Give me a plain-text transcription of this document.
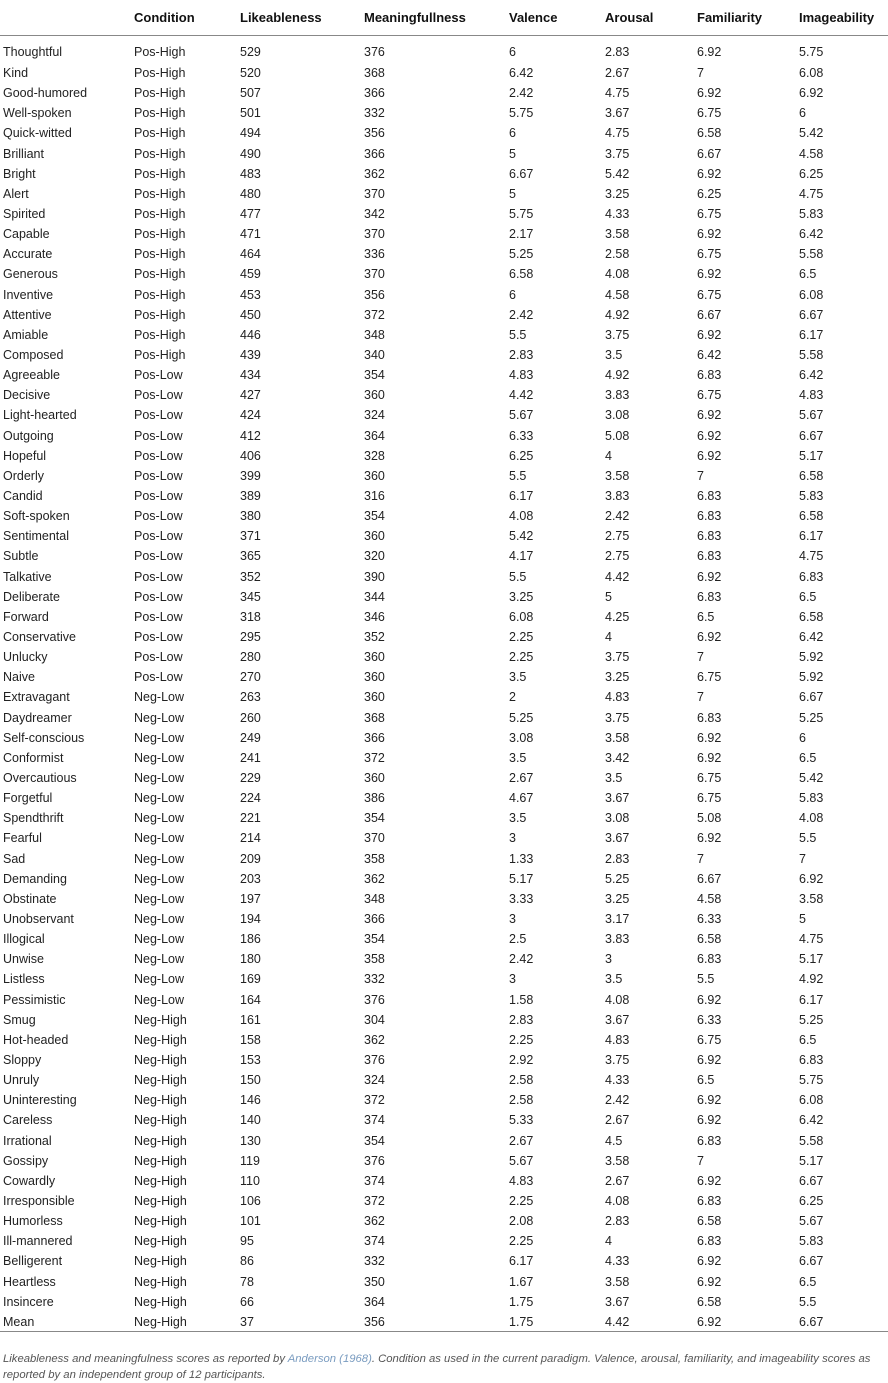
	Condition	Likeableness	Meaningfullness	Valence	Arousal	Familiarity	Imageability
Thoughtful	Pos-High	529	376	6	2.83	6.92	5.75
Kind	Pos-High	520	368	6.42	2.67	7	6.08
Good-humored	Pos-High	507	366	2.42	4.75	6.92	6.92
Well-spoken	Pos-High	501	332	5.75	3.67	6.75	6
Quick-witted	Pos-High	494	356	6	4.75	6.58	5.42
Brilliant	Pos-High	490	366	5	3.75	6.67	4.58
Bright	Pos-High	483	362	6.67	5.42	6.92	6.25
Alert	Pos-High	480	370	5	3.25	6.25	4.75
Spirited	Pos-High	477	342	5.75	4.33	6.75	5.83
Capable	Pos-High	471	370	2.17	3.58	6.92	6.42
Accurate	Pos-High	464	336	5.25	2.58	6.75	5.58
Generous	Pos-High	459	370	6.58	4.08	6.92	6.5
Inventive	Pos-High	453	356	6	4.58	6.75	6.08
Attentive	Pos-High	450	372	2.42	4.92	6.67	6.67
Amiable	Pos-High	446	348	5.5	3.75	6.92	6.17
Composed	Pos-High	439	340	2.83	3.5	6.42	5.58
Agreeable	Pos-Low	434	354	4.83	4.92	6.83	6.42
Decisive	Pos-Low	427	360	4.42	3.83	6.75	4.83
Light-hearted	Pos-Low	424	324	5.67	3.08	6.92	5.67
Outgoing	Pos-Low	412	364	6.33	5.08	6.92	6.67
Hopeful	Pos-Low	406	328	6.25	4	6.92	5.17
Orderly	Pos-Low	399	360	5.5	3.58	7	6.58
Candid	Pos-Low	389	316	6.17	3.83	6.83	5.83
Soft-spoken	Pos-Low	380	354	4.08	2.42	6.83	6.58
Sentimental	Pos-Low	371	360	5.42	2.75	6.83	6.17
Subtle	Pos-Low	365	320	4.17	2.75	6.83	4.75
Talkative	Pos-Low	352	390	5.5	4.42	6.92	6.83
Deliberate	Pos-Low	345	344	3.25	5	6.83	6.5
Forward	Pos-Low	318	346	6.08	4.25	6.5	6.58
Conservative	Pos-Low	295	352	2.25	4	6.92	6.42
Unlucky	Pos-Low	280	360	2.25	3.75	7	5.92
Naive	Pos-Low	270	360	3.5	3.25	6.75	5.92
Extravagant	Neg-Low	263	360	2	4.83	7	6.67
Daydreamer	Neg-Low	260	368	5.25	3.75	6.83	5.25
Self-conscious	Neg-Low	249	366	3.08	3.58	6.92	6
Conformist	Neg-Low	241	372	3.5	3.42	6.92	6.5
Overcautious	Neg-Low	229	360	2.67	3.5	6.75	5.42
Forgetful	Neg-Low	224	386	4.67	3.67	6.75	5.83
Spendthrift	Neg-Low	221	354	3.5	3.08	5.08	4.08
Fearful	Neg-Low	214	370	3	3.67	6.92	5.5
Sad	Neg-Low	209	358	1.33	2.83	7	7
Demanding	Neg-Low	203	362	5.17	5.25	6.67	6.92
Obstinate	Neg-Low	197	348	3.33	3.25	4.58	3.58
Unobservant	Neg-Low	194	366	3	3.17	6.33	5
Illogical	Neg-Low	186	354	2.5	3.83	6.58	4.75
Unwise	Neg-Low	180	358	2.42	3	6.83	5.17
Listless	Neg-Low	169	332	3	3.5	5.5	4.92
Pessimistic	Neg-Low	164	376	1.58	4.08	6.92	6.17
Smug	Neg-High	161	304	2.83	3.67	6.33	5.25
Hot-headed	Neg-High	158	362	2.25	4.83	6.75	6.5
Sloppy	Neg-High	153	376	2.92	3.75	6.92	6.83
Unruly	Neg-High	150	324	2.58	4.33	6.5	5.75
Uninteresting	Neg-High	146	372	2.58	2.42	6.92	6.08
Careless	Neg-High	140	374	5.33	2.67	6.92	6.42
Irrational	Neg-High	130	354	2.67	4.5	6.83	5.58
Gossipy	Neg-High	119	376	5.67	3.58	7	5.17
Cowardly	Neg-High	110	374	4.83	2.67	6.92	6.67
Irresponsible	Neg-High	106	372	2.25	4.08	6.83	6.25
Humorless	Neg-High	101	362	2.08	2.83	6.58	5.67
Ill-mannered	Neg-High	95	374	2.25	4	6.83	5.83
Belligerent	Neg-High	86	332	6.17	4.33	6.92	6.67
Heartless	Neg-High	78	350	1.67	3.58	6.92	6.5
Insincere	Neg-High	66	364	1.75	3.67	6.58	5.5
Mean	Neg-High	37	356	1.75	4.42	6.92	6.67

Likeableness and meaningfulness scores as reported by Anderson (1968). Condition as used in the current paradigm. Valence, arousal, familiarity, and imageability scores as reported by an independent group of 12 participants.
